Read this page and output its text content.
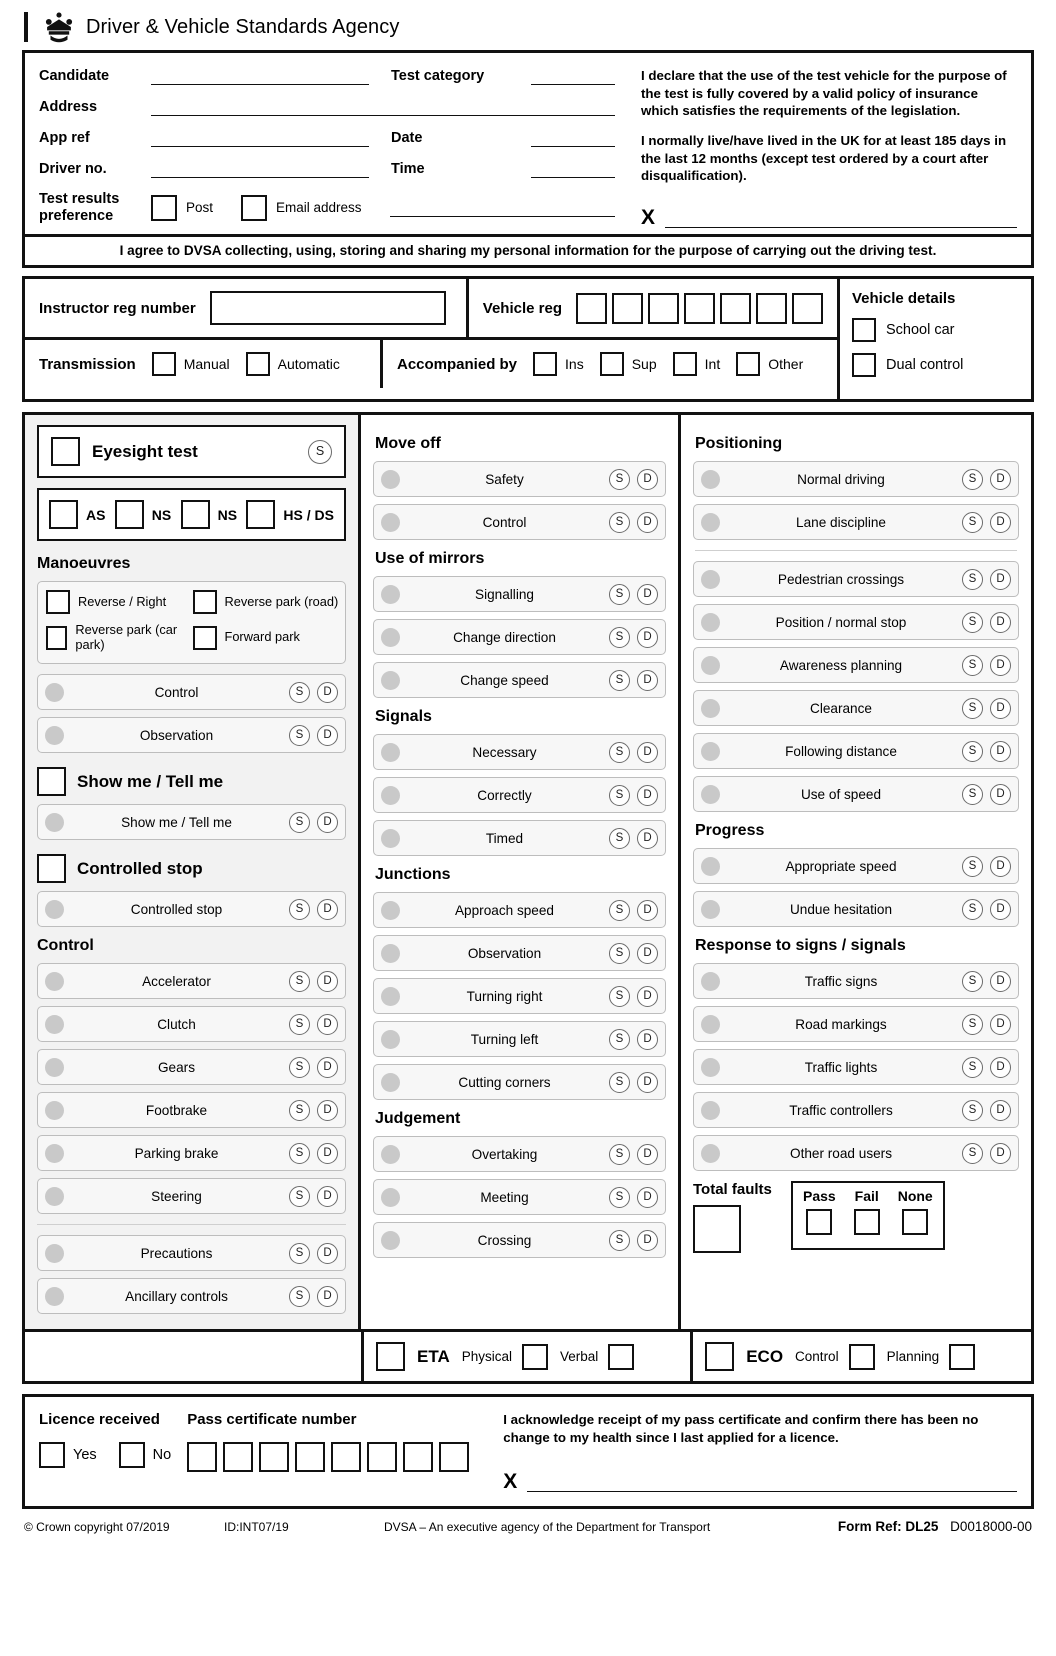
Driver & Vehicle Standards Agency
Candidate	Test category
Address
App ref	Date
Driver no.	Time
Test results preference	Post	Email address
I declare that the use of the test vehicle for the purpose of the test is fully covered by a valid policy of insurance which satisfies the requirements of the legislation.
I normally live/have lived in the UK for at least 185 days in the last 12 months (except test ordered by a court after disqualification).
X
I agree to DVSA collecting, using, storing and sharing my personal information for the purpose of carrying out the driving test.
Instructor reg number	Vehicle reg
Transmission	Manual	Automatic	Accompanied by	Ins	Sup	Int	Other
Vehicle details
School car
Dual control
Eyesight test	S
AS	NS	NS	HS / DS
Manoeuvres
Reverse / Right	Reverse park (road)
Reverse park (car park)	Forward park
Control	S	D
Observation	S	D
Show me / Tell me
Show me / Tell me	S	D
Controlled stop
Controlled stop	S	D
Control
Accelerator	S	D
Clutch	S	D
Gears	S	D
Footbrake	S	D
Parking brake	S	D
Steering	S	D
Precautions	S	D
Ancillary controls	S	D
Move off
Safety	S	D
Control	S	D
Use of mirrors
Signalling	S	D
Change direction	S	D
Change speed	S	D
Signals
Necessary	S	D
Correctly	S	D
Timed	S	D
Junctions
Approach speed	S	D
Observation	S	D
Turning right	S	D
Turning left	S	D
Cutting corners	S	D
Judgement
Overtaking	S	D
Meeting	S	D
Crossing	S	D
Positioning
Normal driving	S	D
Lane discipline	S	D
Pedestrian crossings	S	D
Position / normal stop	S	D
Awareness planning	S	D
Clearance	S	D
Following distance	S	D
Use of speed	S	D
Progress
Appropriate speed	S	D
Undue hesitation	S	D
Response to signs / signals
Traffic signs	S	D
Road markings	S	D
Traffic lights	S	D
Traffic controllers	S	D
Other road users	S	D
Total faults	Pass Fail None
ETA Physical	Verbal	ECO Control	Planning
Licence received
Yes	No
Pass certificate number	I acknowledge receipt of my pass certificate and confirm there has been no change to my health since I last applied for a licence.
X
© Crown copyright 07/2019	ID:INT07/19	DVSA – An executive agency of the Department for Transport	Form Ref: DL25 D0018000-00
